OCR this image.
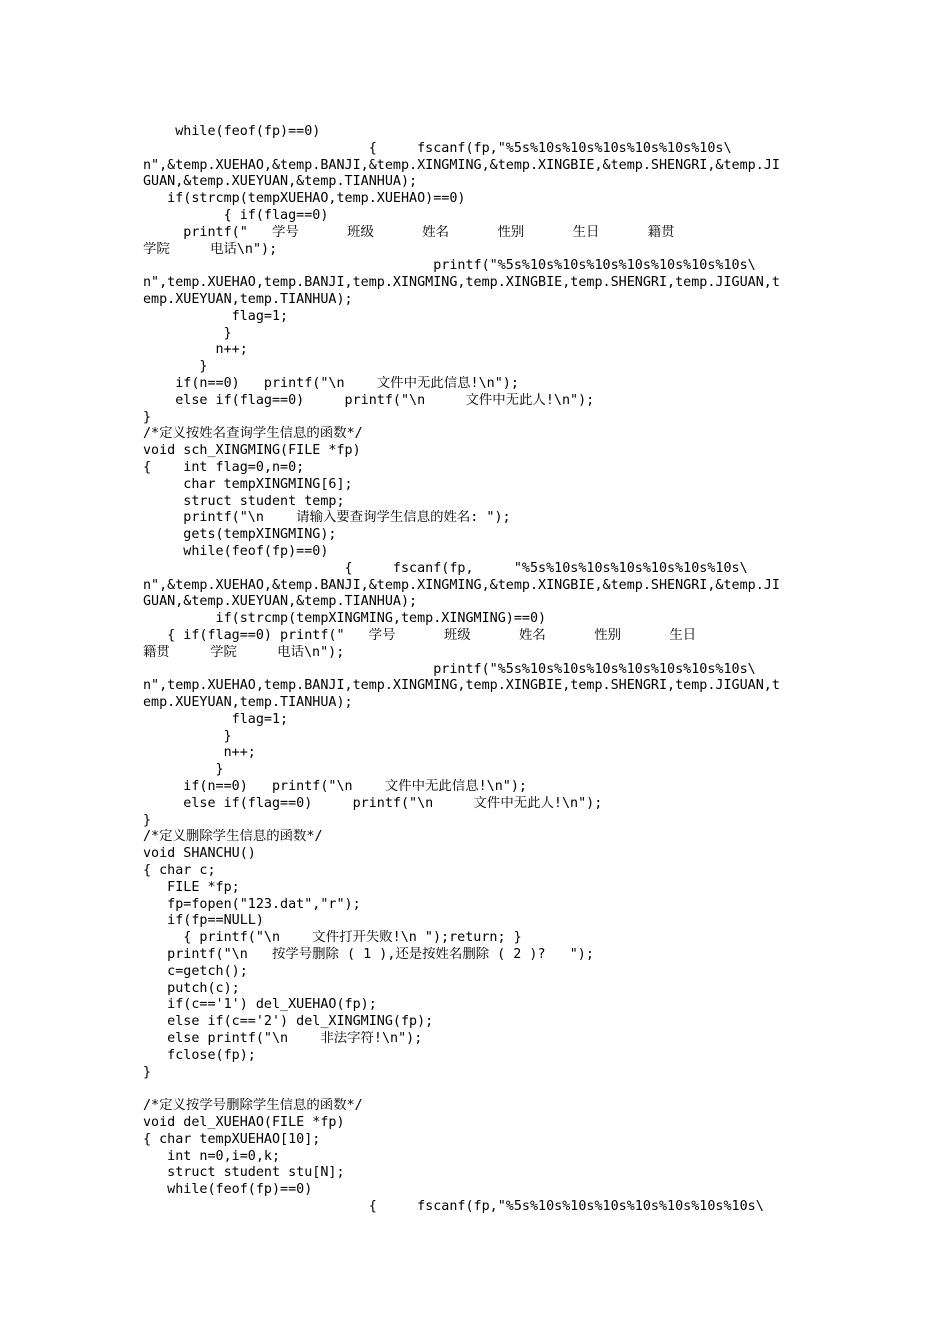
while(feof(fp)==0)
{     fscanf(fp,"%5s%10s%10s%10s%10s%10s%10s\
n",&temp.XUEHAO,&temp.BANJI,&temp.XINGMING,&temp.XINGBIE,&temp.SHENGRI,&temp.JI
GUAN,&temp.XUEYUAN,&temp.TIANHUA);
if(strcmp(tempXUEHAO,temp.XUEHAO)==0)
{ if(flag==0)
printf("   学号      班级      姓名      性别      生日      籍贯
学院     电话\n");
printf("%5s%10s%10s%10s%10s%10s%10s%10s\
n",temp.XUEHAO,temp.BANJI,temp.XINGMING,temp.XINGBIE,temp.SHENGRI,temp.JIGUAN,t
emp.XUEYUAN,temp.TIANHUA);
flag=1;
}
n++;
}
if(n==0)   printf("\n    文件中无此信息!\n");
else if(flag==0)     printf("\n     文件中无此人!\n");
}
/*定义按姓名查询学生信息的函数*/
void sch_XINGMING(FILE *fp)
{    int flag=0,n=0;
char tempXINGMING[6];
struct student temp;
printf("\n    请输入要查询学生信息的姓名: ");
gets(tempXINGMING);
while(feof(fp)==0)
{     fscanf(fp,     "%5s%10s%10s%10s%10s%10s%10s\
n",&temp.XUEHAO,&temp.BANJI,&temp.XINGMING,&temp.XINGBIE,&temp.SHENGRI,&temp.JI
GUAN,&temp.XUEYUAN,&temp.TIANHUA);
if(strcmp(tempXINGMING,temp.XINGMING)==0)
{ if(flag==0) printf("   学号      班级      姓名      性别      生日
籍贯     学院     电话\n");
printf("%5s%10s%10s%10s%10s%10s%10s%10s\
n",temp.XUEHAO,temp.BANJI,temp.XINGMING,temp.XINGBIE,temp.SHENGRI,temp.JIGUAN,t
emp.XUEYUAN,temp.TIANHUA);
flag=1;
}
n++;
}
if(n==0)   printf("\n    文件中无此信息!\n");
else if(flag==0)     printf("\n     文件中无此人!\n");
}
/*定义删除学生信息的函数*/
void SHANCHU()
{ char c;
FILE *fp;
fp=fopen("123.dat","r");
if(fp==NULL)
{ printf("\n    文件打开失败!\n ");return; }
printf("\n   按学号删除 ( 1 ),还是按姓名删除 ( 2 )?   ");
c=getch();
putch(c);
if(c=='1') del_XUEHAO(fp);
else if(c=='2') del_XINGMING(fp);
else printf("\n    非法字符!\n");
fclose(fp);
}
/*定义按学号删除学生信息的函数*/
void del_XUEHAO(FILE *fp)
{ char tempXUEHAO[10];
int n=0,i=0,k;
struct student stu[N];
while(feof(fp)==0)
{     fscanf(fp,"%5s%10s%10s%10s%10s%10s%10s%10s\
